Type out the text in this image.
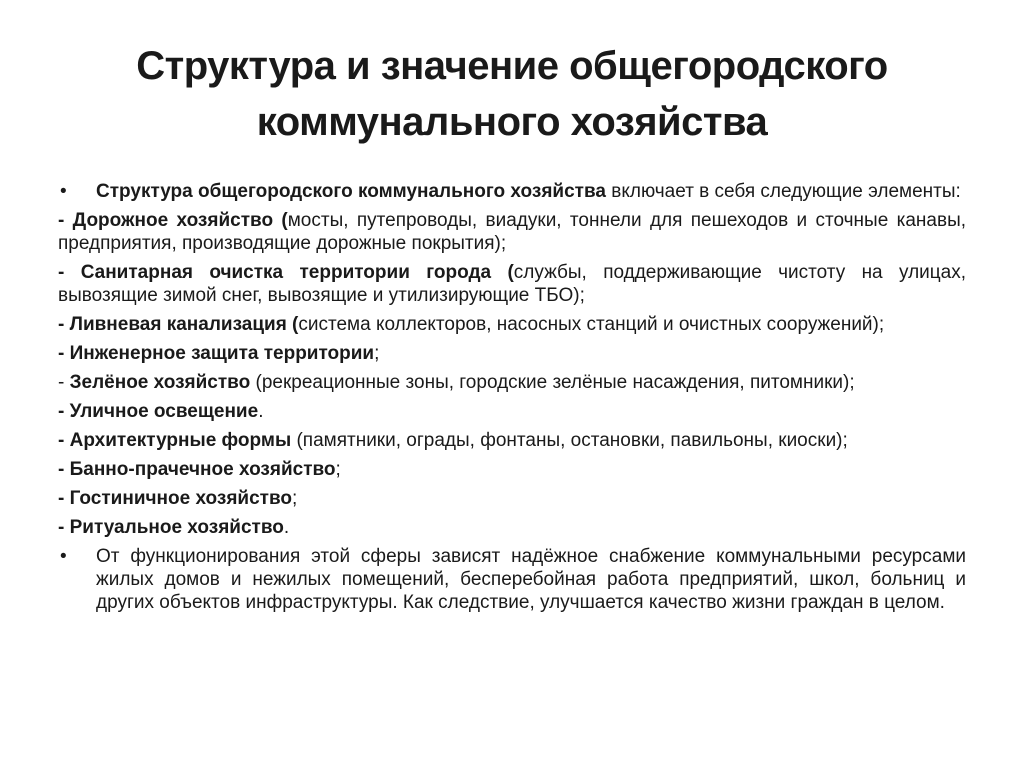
Структура и значение общегородского
коммунального хозяйства
•	Структура общегородского коммунального хозяйства включает в себя следующие элементы:
- Дорожное хозяйство (мосты, путепроводы, виадуки, тоннели для пешеходов и сточные канавы, предприятия, производящие дорожные покрытия);
- Санитарная очистка территории города (службы, поддерживающие чистоту на улицах, вывозящие зимой снег, вывозящие и утилизирующие ТБО);
- Ливневая канализация (система коллекторов, насосных станций и очистных сооружений);
- Инженерное защита территории;
- Зелёное хозяйство (рекреационные зоны, городские зелёные насаждения, питомники);
- Уличное освещение.
- Архитектурные формы (памятники, ограды, фонтаны, остановки, павильоны, киоски);
- Банно-прачечное хозяйство;
- Гостиничное хозяйство;
- Ритуальное хозяйство.
•	От функционирования этой сферы зависят надёжное снабжение коммунальными ресурсами жилых домов и нежилых помещений, бесперебойная работа предприятий, школ, больниц и других объектов инфраструктуры. Как следствие, улучшается качество жизни граждан в целом.
